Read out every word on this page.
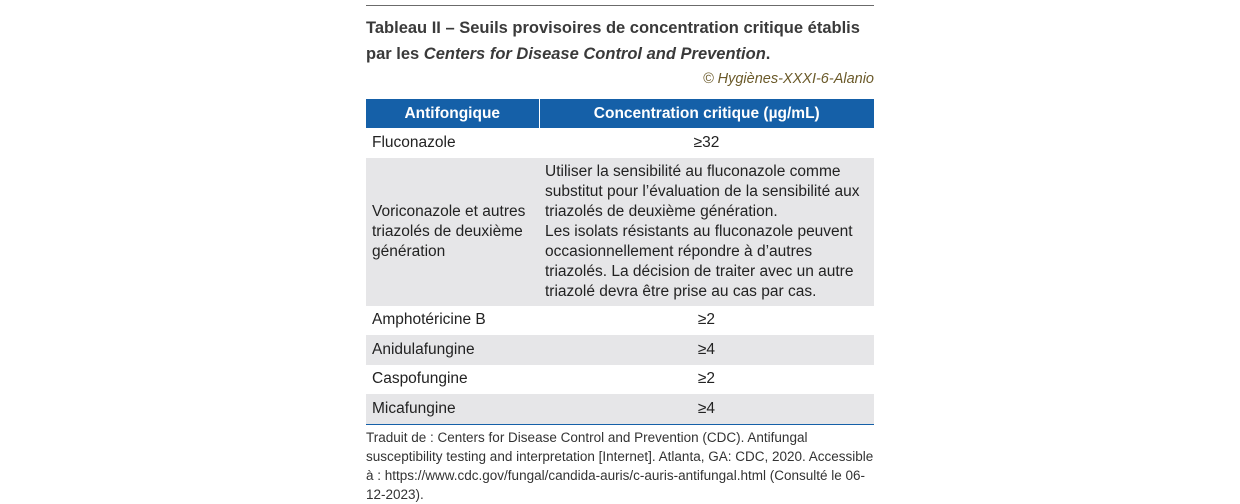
Tableau II – Seuils provisoires de concentration critique établis par les Centers for Disease Control and Prevention.
© Hygiènes-XXXI-6-Alanio
Antifongique	Concentration critique (µg/mL)
Fluconazole	≥32
Voriconazole et autres triazolés de deuxième génération	Utiliser la sensibilité au fluconazole comme substitut pour l’évaluation de la sensibilité aux triazolés de deuxième génération.
Les isolats résistants au fluconazole peuvent occasionnellement répondre à d’autres triazolés. La décision de traiter avec un autre triazolé devra être prise au cas par cas.

Amphotéricine B	≥2
Anidulafungine	≥4
Caspofungine	≥2
Micafungine	≥4
Traduit de : Centers for Disease Control and Prevention (CDC). Antifungal susceptibility testing and interpretation [Internet]. Atlanta, GA: CDC, 2020. Accessible à : https://www.cdc.gov/fungal/candida-auris/c-auris-antifungal.html (Consulté le 06-12-2023).
